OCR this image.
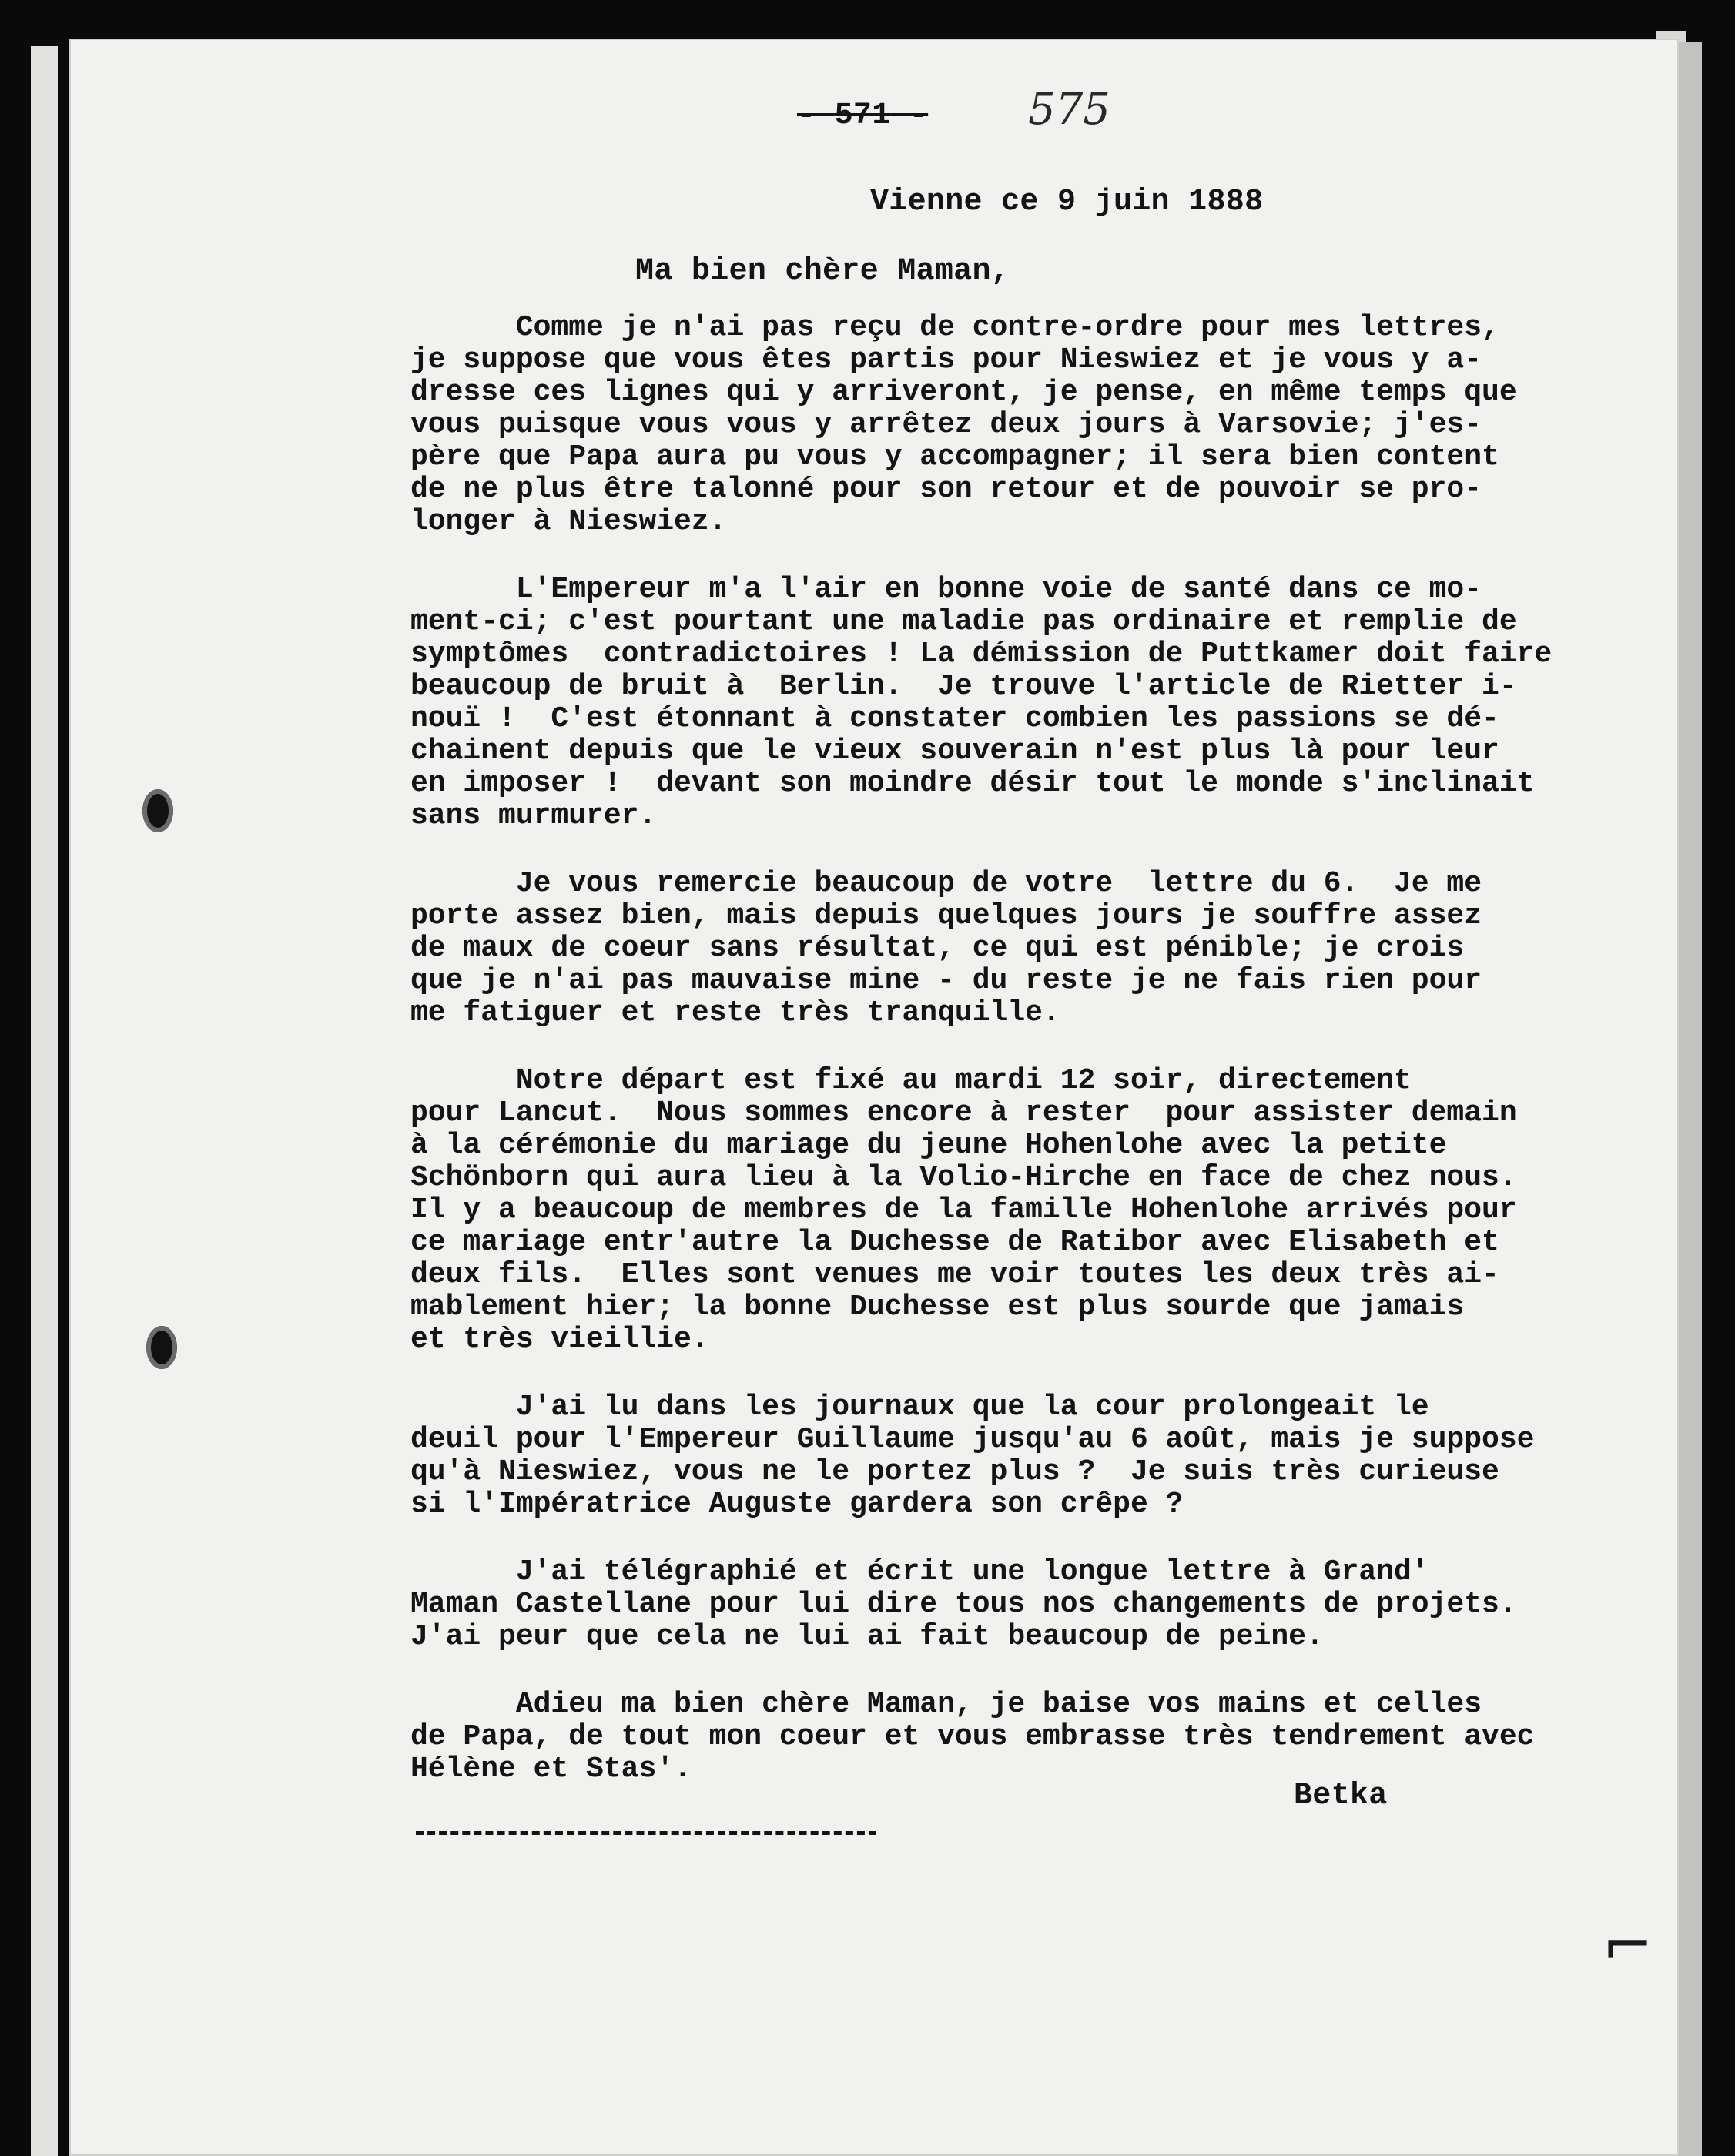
- 571 - 575
Vienne ce 9 juin 1888
Ma bien chère Maman,

Comme je n'ai pas reçu de contre-ordre pour mes lettres,
je suppose que vous êtes partis pour Nieswiez et je vous y a-
dresse ces lignes qui y arriveront, je pense, en même temps que
vous puisque vous vous y arrêtez deux jours à Varsovie; j'es-
père que Papa aura pu vous y accompagner; il sera bien content
de ne plus être talonné pour son retour et de pouvoir se pro-
longer à Nieswiez.

L'Empereur m'a l'air en bonne voie de santé dans ce mo-
ment-ci; c'est pourtant une maladie pas ordinaire et remplie de
symptômes  contradictoires ! La démission de Puttkamer doit faire
beaucoup de bruit à  Berlin.  Je trouve l'article de Rietter i-
nouï !  C'est étonnant à constater combien les passions se dé-
chainent depuis que le vieux souverain n'est plus là pour leur
en imposer !  devant son moindre désir tout le monde s'inclinait
sans murmurer.

Je vous remercie beaucoup de votre  lettre du 6.  Je me
porte assez bien, mais depuis quelques jours je souffre assez
de maux de coeur sans résultat, ce qui est pénible; je crois
que je n'ai pas mauvaise mine - du reste je ne fais rien pour
me fatiguer et reste très tranquille.

Notre départ est fixé au mardi 12 soir, directement
pour Lancut.  Nous sommes encore à rester  pour assister demain
à la cérémonie du mariage du jeune Hohenlohe avec la petite
Schönborn qui aura lieu à la Volio-Hirche en face de chez nous.
Il y a beaucoup de membres de la famille Hohenlohe arrivés pour
ce mariage entr'autre la Duchesse de Ratibor avec Elisabeth et
deux fils.  Elles sont venues me voir toutes les deux très ai-
mablement hier; la bonne Duchesse est plus sourde que jamais
et très vieillie.

J'ai lu dans les journaux que la cour prolongeait le
deuil pour l'Empereur Guillaume jusqu'au 6 août, mais je suppose
qu'à Nieswiez, vous ne le portez plus ?  Je suis très curieuse
si l'Impératrice Auguste gardera son crêpe ?

J'ai télégraphié et écrit une longue lettre à Grand'
Maman Castellane pour lui dire tous nos changements de projets.
J'ai peur que cela ne lui ai fait beaucoup de peine.

Adieu ma bien chère Maman, je baise vos mains et celles
de Papa, de tout mon coeur et vous embrasse très tendrement avec
Hélène et Stas'.

Betka
⌐
